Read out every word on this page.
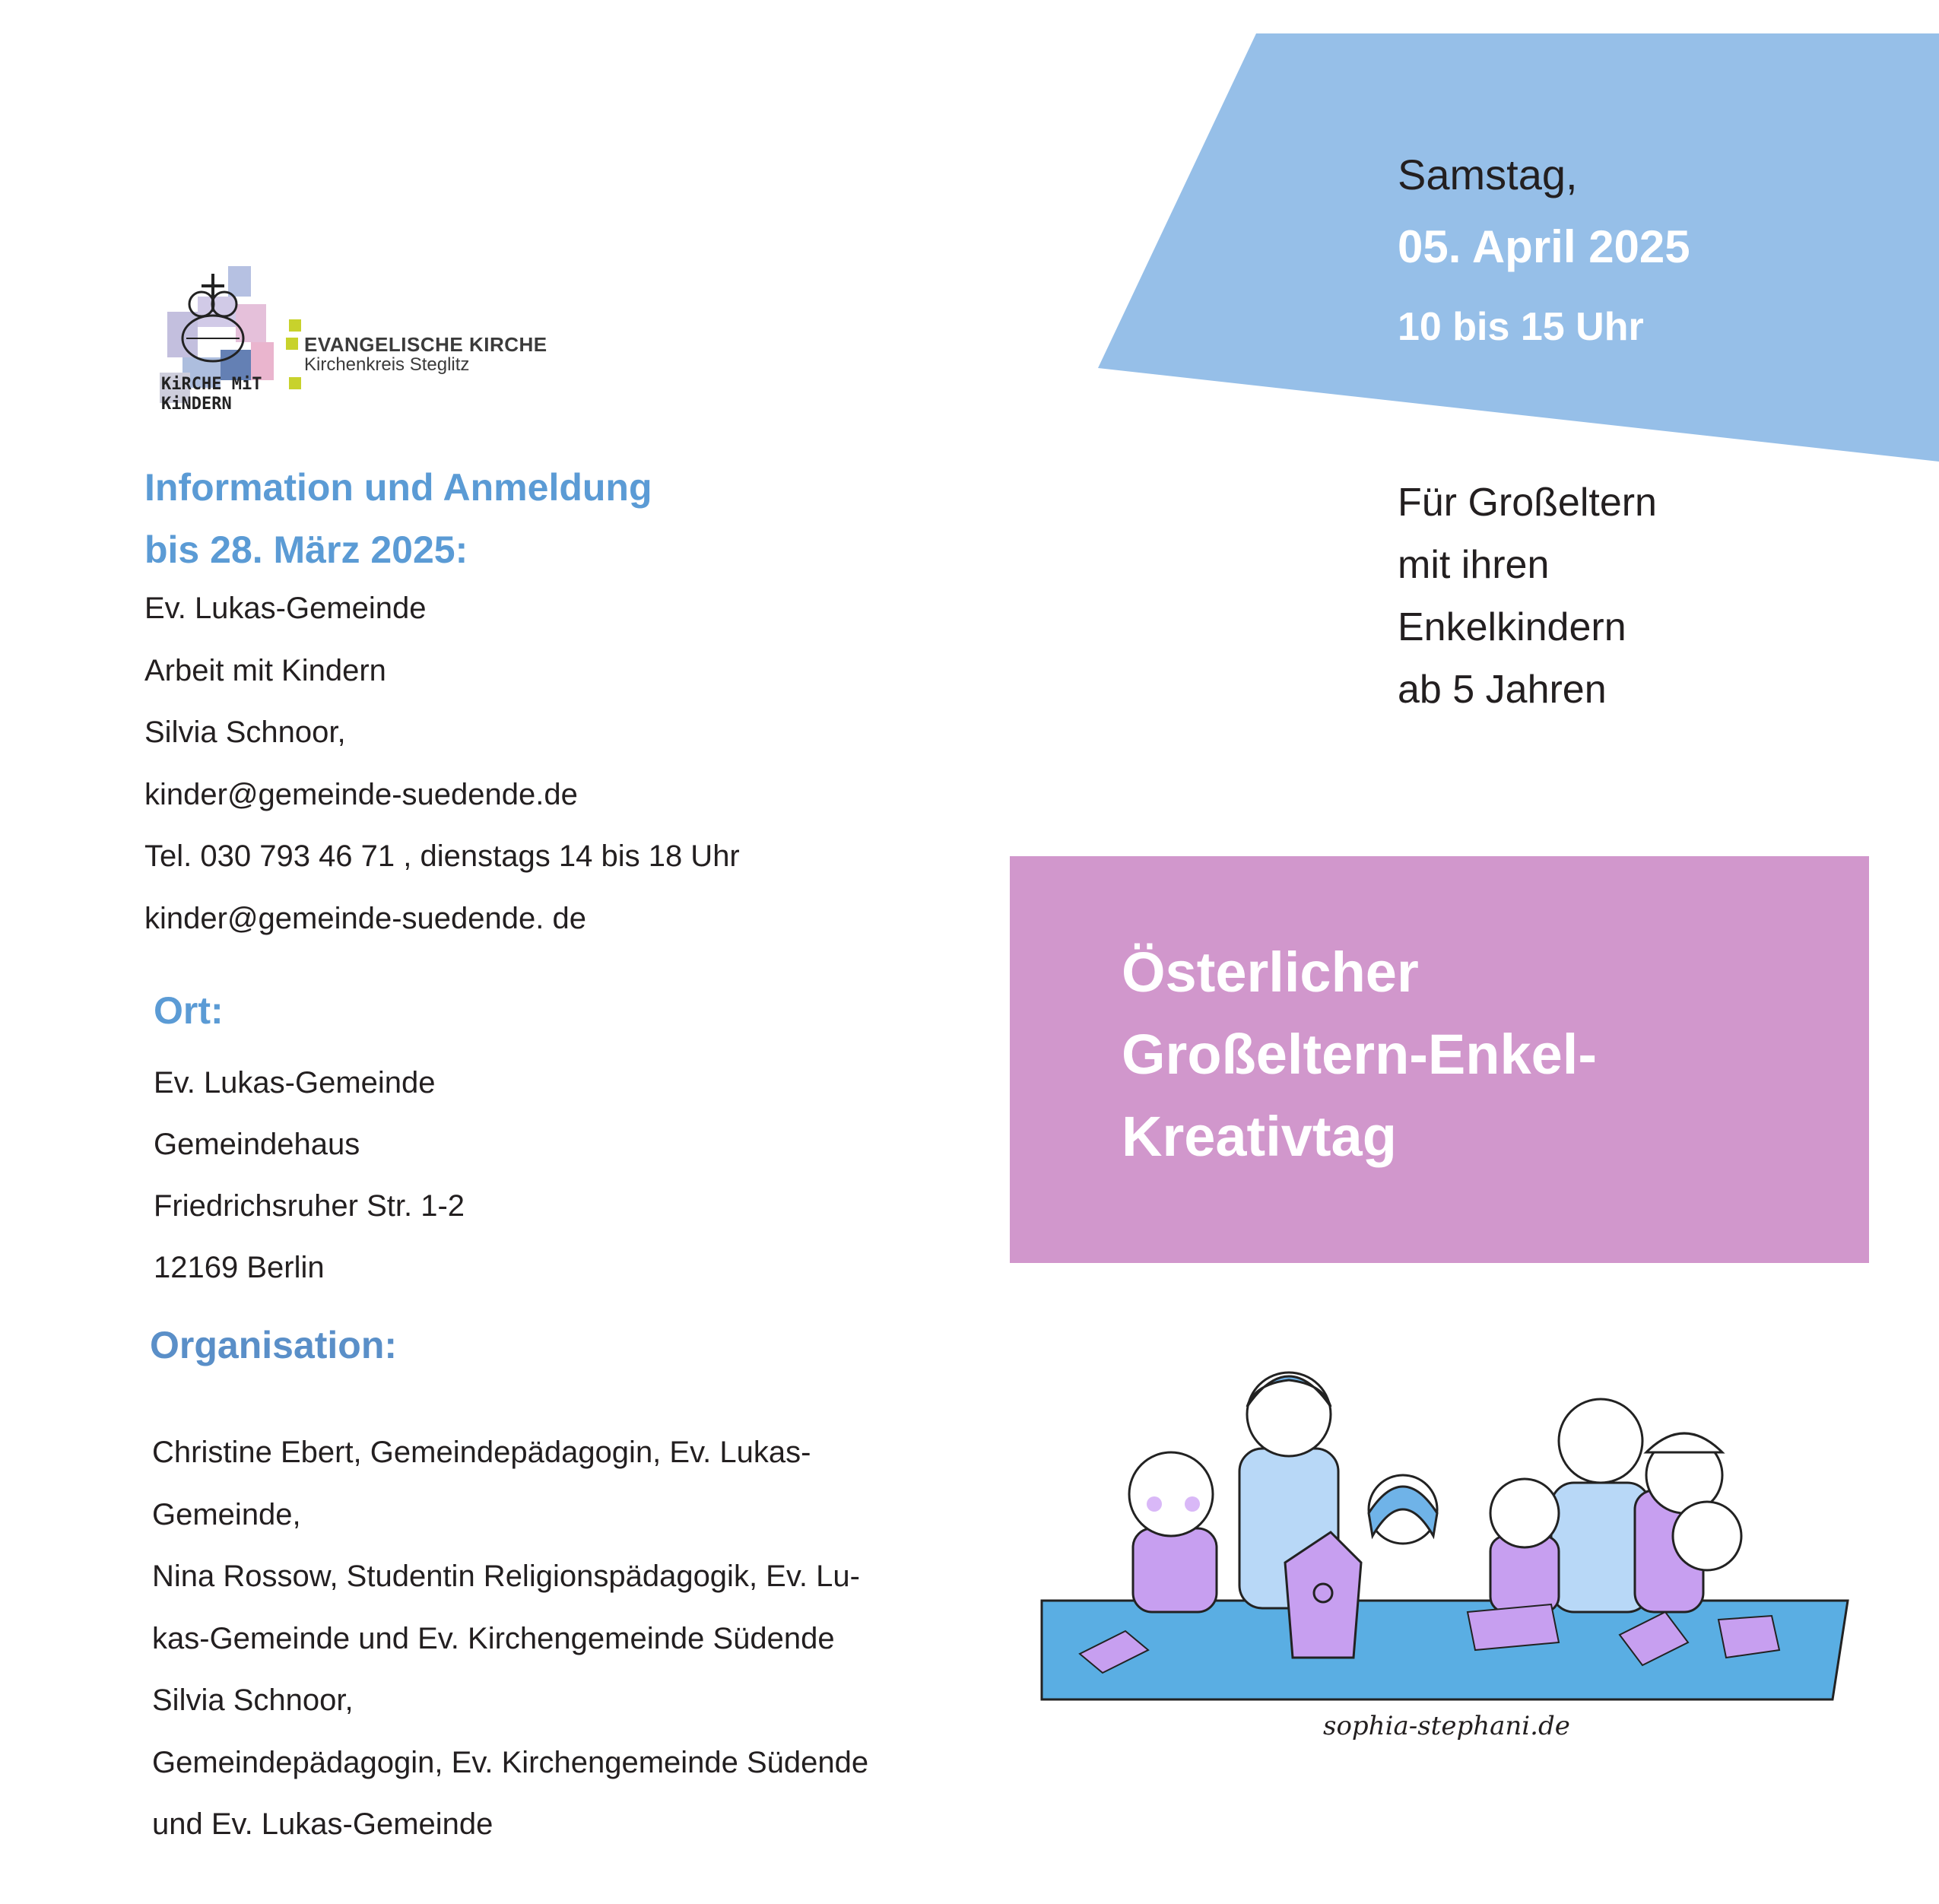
Samstag,
05. April 2025
10 bis 15 Uhr
Für Großeltern
mit ihren
Enkelkindern
ab 5 Jahren
KiRCHE MiT
KiNDERN
EVANGELISCHE KIRCHE
Kirchenkreis Steglitz
Information und Anmeldung
bis 28. März 2025:
Ev. Lukas-Gemeinde
Arbeit mit Kindern
Silvia Schnoor,
kinder@gemeinde-suedende.de
Tel. 030 793 46 71 , dienstags 14 bis 18 Uhr
kinder@gemeinde-suedende. de
Ort:
Ev. Lukas-Gemeinde
Gemeindehaus
Friedrichsruher Str. 1-2
12169 Berlin
Organisation:
Christine Ebert, Gemeindepädagogin, Ev. Lukas-
Gemeinde,
Nina Rossow, Studentin Religionspädagogik, Ev. Lu-
kas-Gemeinde und Ev. Kirchengemeinde Südende
Silvia Schnoor,
Gemeindepädagogin, Ev. Kirchengemeinde Südende
und Ev. Lukas-Gemeinde
Österlicher
Großeltern-Enkel-
Kreativtag
sophia-stephani.de
